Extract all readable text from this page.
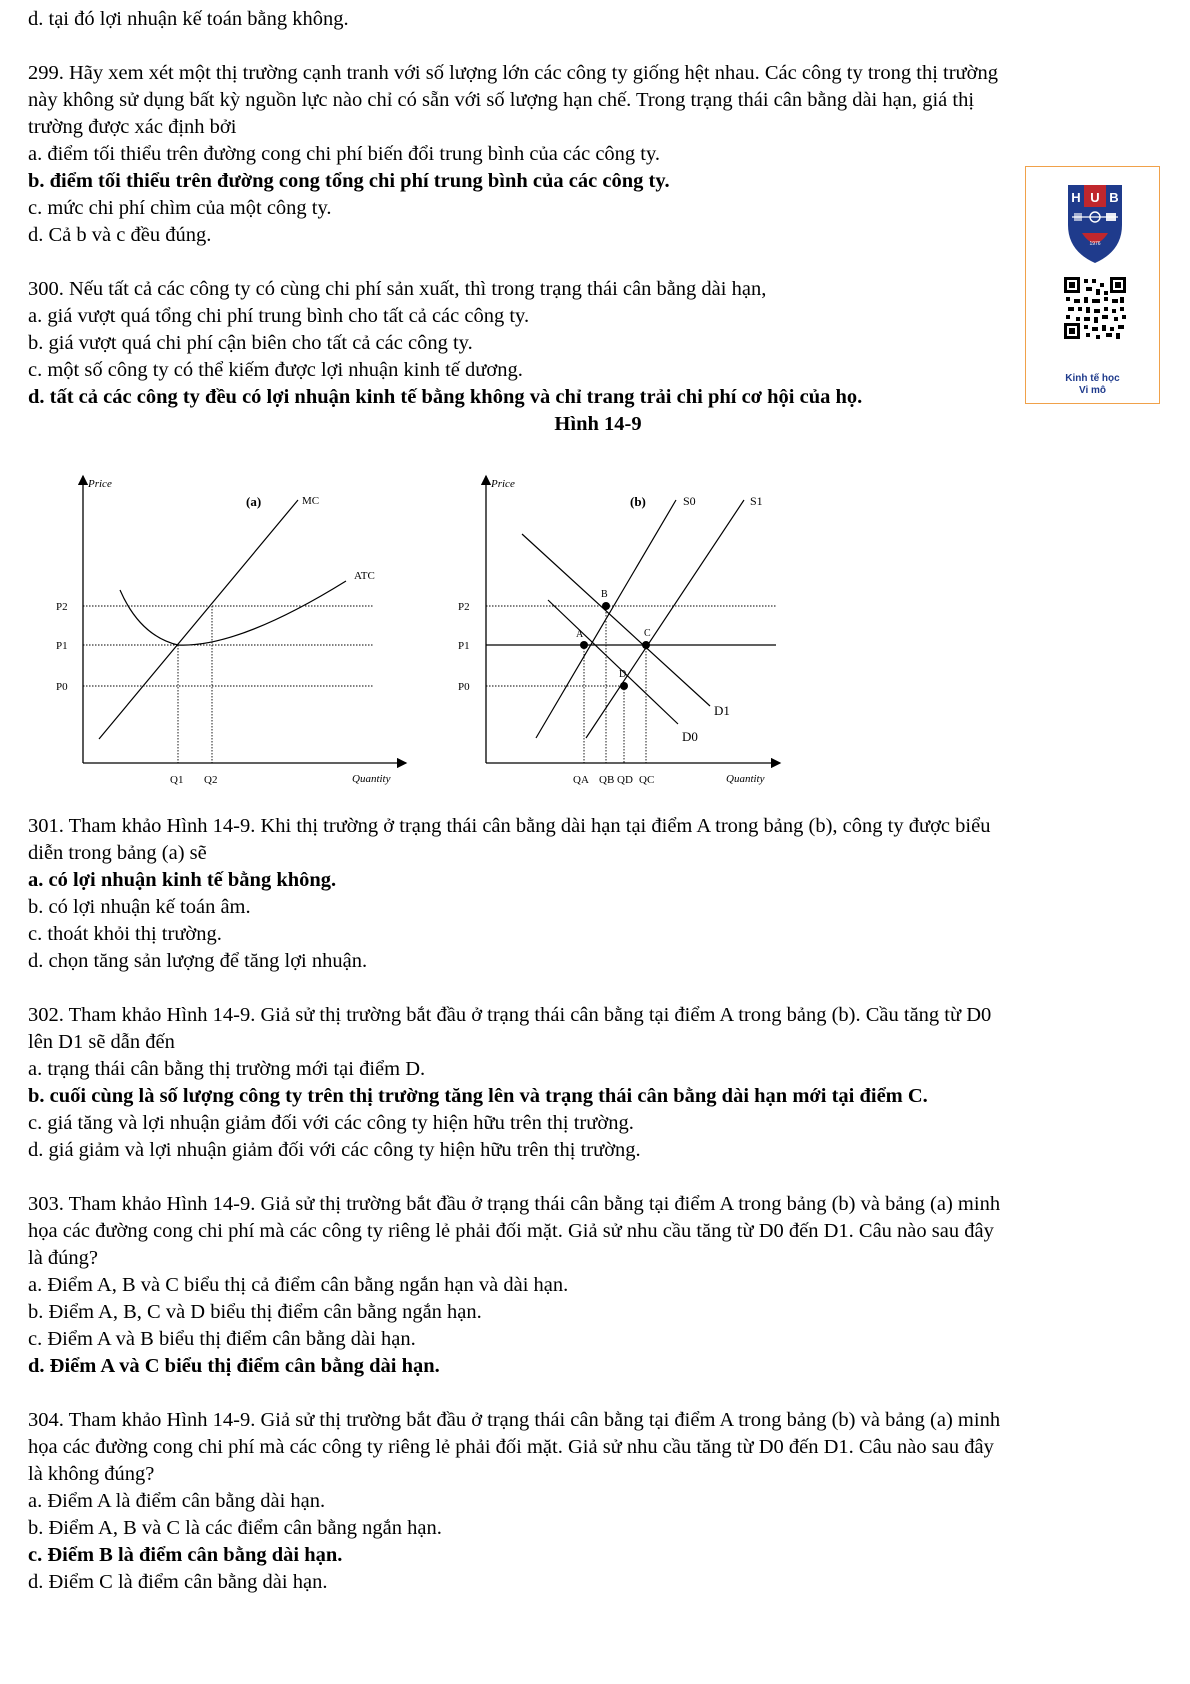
d. tại đó lợi nhuận kế toán bằng không.
299. Hãy xem xét một thị trường cạnh tranh với số lượng lớn các công ty giống hệt nhau. Các công ty trong thị trường
này không sử dụng bất kỳ nguồn lực nào chỉ có sẵn với số lượng hạn chế. Trong trạng thái cân bằng dài hạn, giá thị
trường được xác định bởi
a. điểm tối thiểu trên đường cong chi phí biến đổi trung bình của các công ty.
b. điểm tối thiểu trên đường cong tổng chi phí trung bình của các công ty.
c. mức chi phí chìm của một công ty.
d. Cả b và c đều đúng.
300. Nếu tất cả các công ty có cùng chi phí sản xuất, thì trong trạng thái cân bằng dài hạn,
a. giá vượt quá tổng chi phí trung bình cho tất cả các công ty.
b. giá vượt quá chi phí cận biên cho tất cả các công ty.
c. một số công ty có thể kiếm được lợi nhuận kinh tế dương.
d. tất cả các công ty đều có lợi nhuận kinh tế bằng không và chỉ trang trải chi phí cơ hội của họ.
Hình 14-9
Price
Quantity
(a)
P2
P1
P0
Q1 Q2
MC
ATC
Price
Quantity
(b)
P2
P1
P0
QA QB QD QC
S0	S1
D1
D0
A
B
C
D
301. Tham khảo Hình 14-9. Khi thị trường ở trạng thái cân bằng dài hạn tại điểm A trong bảng (b), công ty được biểu
diễn trong bảng (a) sẽ
a. có lợi nhuận kinh tế bằng không.
b. có lợi nhuận kế toán âm.
c. thoát khỏi thị trường.
d. chọn tăng sản lượng để tăng lợi nhuận.
302. Tham khảo Hình 14-9. Giả sử thị trường bắt đầu ở trạng thái cân bằng tại điểm A trong bảng (b). Cầu tăng từ D0
lên D1 sẽ dẫn đến
a. trạng thái cân bằng thị trường mới tại điểm D.
b. cuối cùng là số lượng công ty trên thị trường tăng lên và trạng thái cân bằng dài hạn mới tại điểm C.
c. giá tăng và lợi nhuận giảm đối với các công ty hiện hữu trên thị trường.
d. giá giảm và lợi nhuận giảm đối với các công ty hiện hữu trên thị trường.
303. Tham khảo Hình 14-9. Giả sử thị trường bắt đầu ở trạng thái cân bằng tại điểm A trong bảng (b) và bảng (a) minh
họa các đường cong chi phí mà các công ty riêng lẻ phải đối mặt. Giả sử nhu cầu tăng từ D0 đến D1. Câu nào sau đây
là đúng?
a. Điểm A, B và C biểu thị cả điểm cân bằng ngắn hạn và dài hạn.
b. Điểm A, B, C và D biểu thị điểm cân bằng ngắn hạn.
c. Điểm A và B biểu thị điểm cân bằng dài hạn.
d. Điểm A và C biểu thị điểm cân bằng dài hạn.
304. Tham khảo Hình 14-9. Giả sử thị trường bắt đầu ở trạng thái cân bằng tại điểm A trong bảng (b) và bảng (a) minh
họa các đường cong chi phí mà các công ty riêng lẻ phải đối mặt. Giả sử nhu cầu tăng từ D0 đến D1. Câu nào sau đây
là không đúng?
a. Điểm A là điểm cân bằng dài hạn.
b. Điểm A, B và C là các điểm cân bằng ngắn hạn.
c. Điểm B là điểm cân bằng dài hạn.
d. Điểm C là điểm cân bằng dài hạn.
H U B
1976
Kinh tế học
Vi mô
